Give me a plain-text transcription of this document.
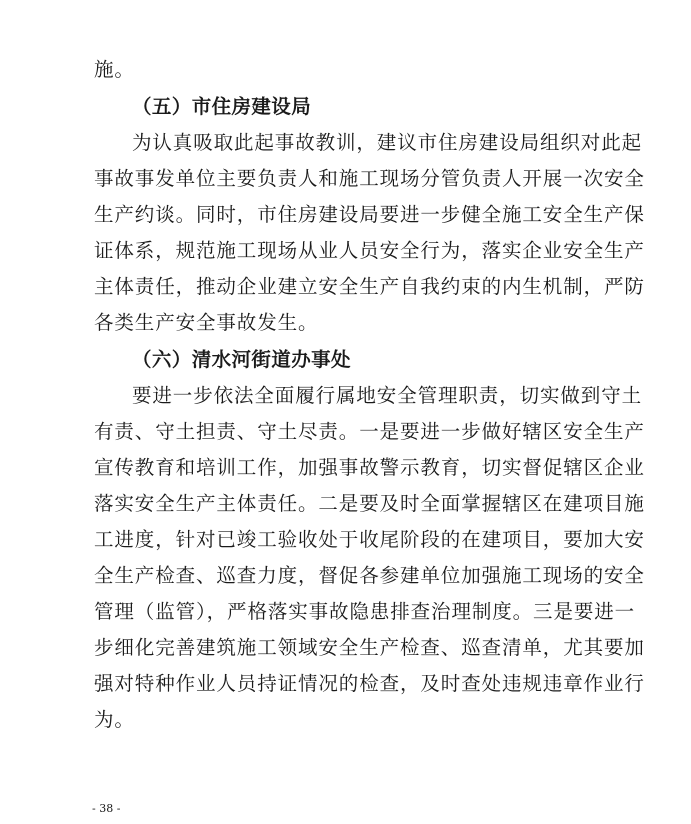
施。
（五）市住房建设局
为认真吸取此起事故教训，建议市住房建设局组织对此起
事故事发单位主要负责人和施工现场分管负责人开展一次安全
生产约谈。同时，市住房建设局要进一步健全施工安全生产保
证体系，规范施工现场从业人员安全行为，落实企业安全生产
主体责任，推动企业建立安全生产自我约束的内生机制，严防
各类生产安全事故发生。
（六）清水河街道办事处
要进一步依法全面履行属地安全管理职责，切实做到守土
有责、守土担责、守土尽责。一是要进一步做好辖区安全生产
宣传教育和培训工作，加强事故警示教育，切实督促辖区企业
落实安全生产主体责任。二是要及时全面掌握辖区在建项目施
工进度，针对已竣工验收处于收尾阶段的在建项目，要加大安
全生产检查、巡查力度，督促各参建单位加强施工现场的安全
管理（监管），严格落实事故隐患排查治理制度。三是要进一
步细化完善建筑施工领域安全生产检查、巡查清单，尤其要加
强对特种作业人员持证情况的检查，及时查处违规违章作业行
为。
- 38 -
